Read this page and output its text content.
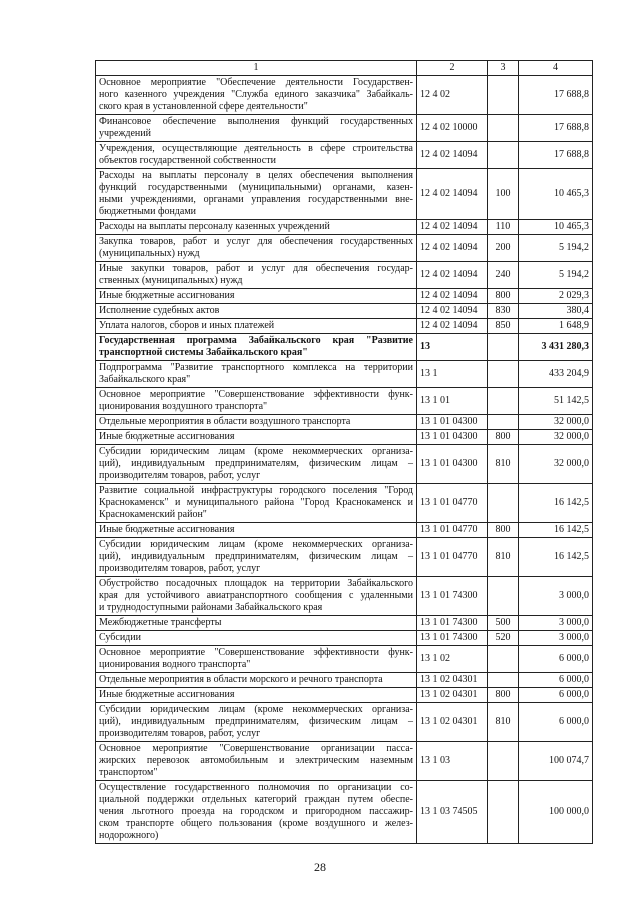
1	2	3	4

Основное мероприятие "Обеспечение деятельности Государствен-
ного казенного учреждения "Служба единого заказчика" Забайкаль-
ского края в установленной сфере деятельности"	12 4 02		17 688,8

Финансовое обеспечение выполнения функций государственных
учреждений	12 4 02 10000		17 688,8

Учреждения, осуществляющие деятельность в сфере строительства
объектов государственной собственности	12 4 02 14094		17 688,8

Расходы на выплаты персоналу в целях обеспечения выполнения
функций государственными (муниципальными) органами, казен-
ными учреждениями, органами управления государственными вне-
бюджетными фондами	12 4 02 14094	100	10 465,3

Расходы на выплаты персоналу казенных учреждений	12 4 02 14094	110	10 465,3

Закупка товаров, работ и услуг для обеспечения государственных
(муниципальных) нужд	12 4 02 14094	200	5 194,2

Иные закупки товаров, работ и услуг для обеспечения государ-
ственных (муниципальных) нужд	12 4 02 14094	240	5 194,2

Иные бюджетные ассигнования	12 4 02 14094	800	2 029,3

Исполнение судебных актов	12 4 02 14094	830	380,4

Уплата налогов, сборов и иных платежей	12 4 02 14094	850	1 648,9

Государственная программа Забайкальского края "Развитие
транспортной системы Забайкальского края"	13		3 431 280,3

Подпрограмма "Развитие транспортного комплекса на территории
Забайкальского края"	13 1		433 204,9

Основное мероприятие "Совершенствование эффективности функ-
ционирования воздушного транспорта"	13 1 01		51 142,5

Отдельные мероприятия в области воздушного транспорта	13 1 01 04300		32 000,0

Иные бюджетные ассигнования	13 1 01 04300	800	32 000,0

Субсидии юридическим лицам (кроме некоммерческих организа-
ций), индивидуальным предпринимателям, физическим лицам –
производителям товаров, работ, услуг	13 1 01 04300	810	32 000,0

Развитие социальной инфраструктуры городского поселения "Город
Краснокаменск" и муниципального района "Город Краснокаменск и
Краснокаменский район"	13 1 01 04770		16 142,5

Иные бюджетные ассигнования	13 1 01 04770	800	16 142,5

Субсидии юридическим лицам (кроме некоммерческих организа-
ций), индивидуальным предпринимателям, физическим лицам –
производителям товаров, работ, услуг	13 1 01 04770	810	16 142,5

Обустройство посадочных площадок на территории Забайкальского
края для устойчивого авиатранспортного сообщения с удаленными
и труднодоступными районами Забайкальского края	13 1 01 74300		3 000,0

Межбюджетные трансферты	13 1 01 74300	500	3 000,0

Субсидии	13 1 01 74300	520	3 000,0

Основное мероприятие "Совершенствование эффективности функ-
ционирования водного транспорта"	13 1 02		6 000,0

Отдельные мероприятия в области морского и речного транспорта	13 1 02 04301		6 000,0

Иные бюджетные ассигнования	13 1 02 04301	800	6 000,0

Субсидии юридическим лицам (кроме некоммерческих организа-
ций), индивидуальным предпринимателям, физическим лицам –
производителям товаров, работ, услуг	13 1 02 04301	810	6 000,0

Основное мероприятие "Совершенствование организации пасса-
жирских перевозок автомобильным и электрическим наземным
транспортом"	13 1 03		100 074,7

Осуществление государственного полномочия по организации со-
циальной поддержки отдельных категорий граждан путем обеспе-
чения льготного проезда на городском и пригородном пассажир-
ском транспорте общего пользования (кроме воздушного и желез-
нодорожного)	13 1 03 74505		100 000,0
28
